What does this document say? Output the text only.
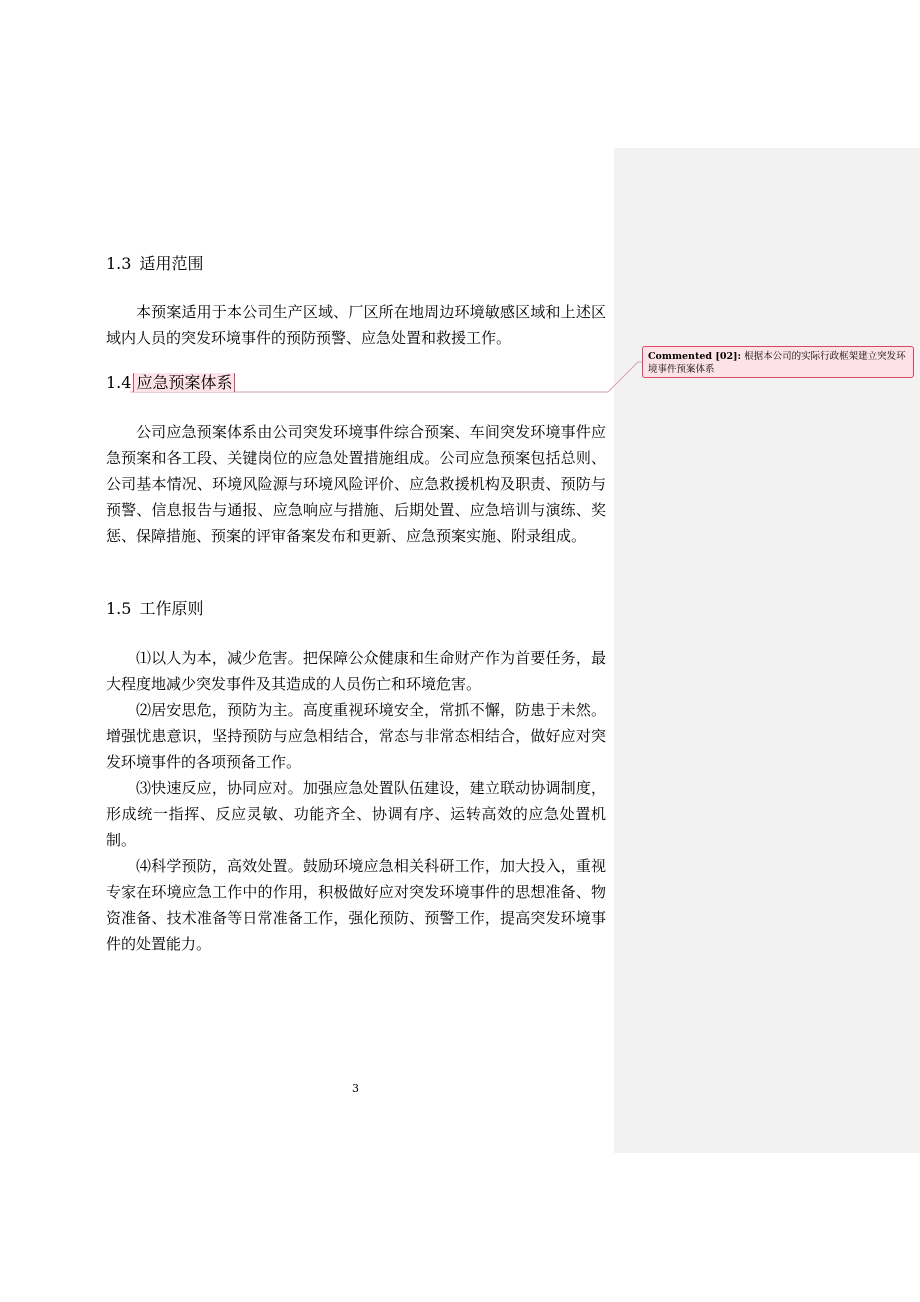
1.3 适用范围

本预案适用于本公司生产区域、厂区所在地周边环境敏感区域和上述区域内人员的突发环境事件的预防预警、应急处置和救援工作。

1.4 应急预案体系

公司应急预案体系由公司突发环境事件综合预案、车间突发环境事件应急预案和各工段、关键岗位的应急处置措施组成。公司应急预案包括总则、公司基本情况、环境风险源与环境风险评价、应急救援机构及职责、预防与预警、信息报告与通报、应急响应与措施、后期处置、应急培训与演练、奖惩、保障措施、预案的评审备案发布和更新、应急预案实施、附录组成。

1.5 工作原则

⑴以人为本，减少危害。把保障公众健康和生命财产作为首要任务，最大程度地减少突发事件及其造成的人员伤亡和环境危害。

⑵居安思危，预防为主。高度重视环境安全，常抓不懈，防患于未然。增强忧患意识，坚持预防与应急相结合，常态与非常态相结合，做好应对突发环境事件的各项预备工作。

⑶快速反应，协同应对。加强应急处置队伍建设，建立联动协调制度，形成统一指挥、反应灵敏、功能齐全、协调有序、运转高效的应急处置机制。

⑷科学预防，高效处置。鼓励环境应急相关科研工作，加大投入，重视专家在环境应急工作中的作用，积极做好应对突发环境事件的思想准备、物资准备、技术准备等日常准备工作，强化预防、预警工作，提高突发环境事件的处置能力。

3
Commented [02]: 根据本公司的实际行政框架建立突发环境事件预案体系
